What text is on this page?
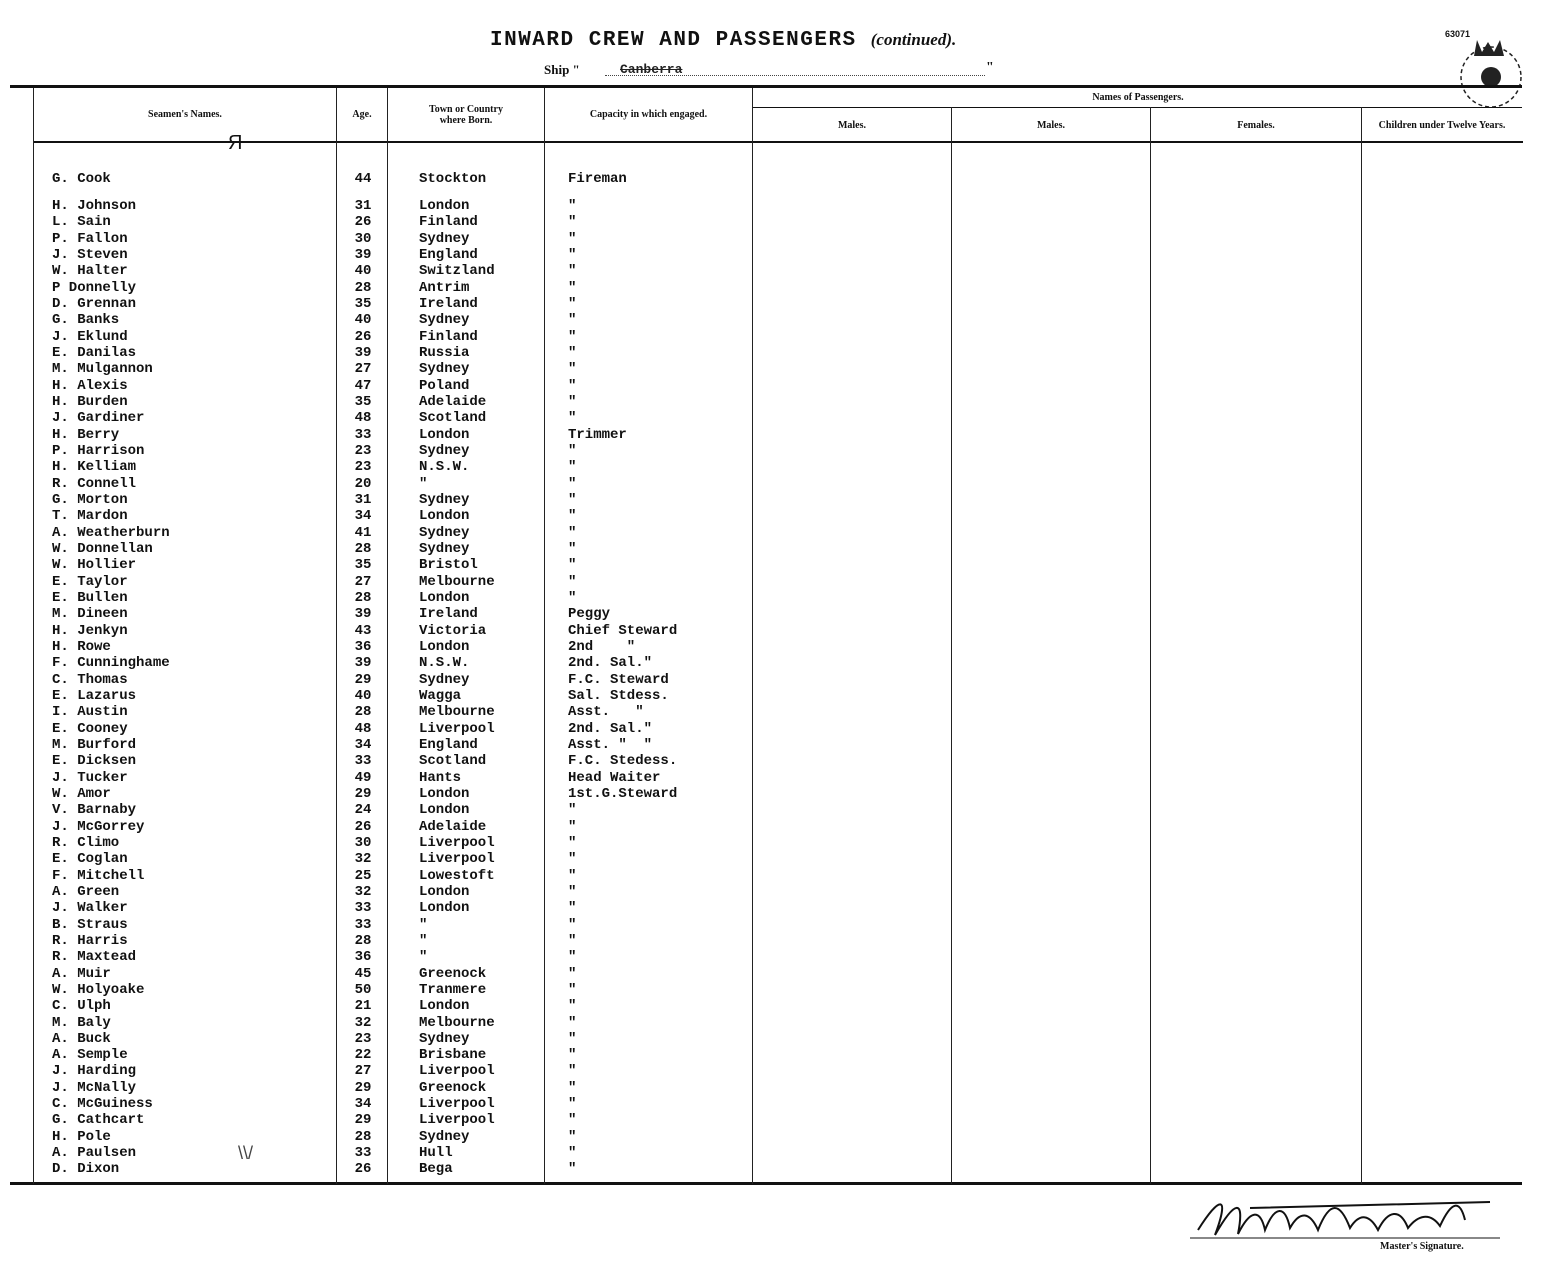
INWARD CREW AND PASSENGERS (continued).
Ship "	Canberra	"
63071
Seamen's Names.	Age.	Town or Country
where Born.
Capacity in which engaged.
Names of Passengers.
Males.	Males.	Females.	Children under Twelve Years.
Я
\\/
G. Cook	44	Stockton	Fireman
H. Johnson	31	London	"
L. Sain	26	Finland	"
P. Fallon	30	Sydney	"
J. Steven	39	England	"
W. Halter	40	Switzland	"
P Donnelly	28	Antrim	"
D. Grennan	35	Ireland	"
G. Banks	40	Sydney	"
J. Eklund	26	Finland	"
E. Danilas	39	Russia	"
M. Mulgannon	27	Sydney	"
H. Alexis	47	Poland	"
H. Burden	35	Adelaide	"
J. Gardiner	48	Scotland	"
H. Berry	33	London	Trimmer
P. Harrison	23	Sydney	"
H. Kelliam	23	N.S.W.	"
R. Connell	20	"	"
G. Morton	31	Sydney	"
T. Mardon	34	London	"
A. Weatherburn	41	Sydney	"
W. Donnellan	28	Sydney	"
W. Hollier	35	Bristol	"
E. Taylor	27	Melbourne	"
E. Bullen	28	London	"
M. Dineen	39	Ireland	Peggy
H. Jenkyn	43	Victoria	Chief Steward
H. Rowe	36	London	2nd    "
F. Cunninghame	39	N.S.W.	2nd. Sal."
C. Thomas	29	Sydney	F.C. Steward
E. Lazarus	40	Wagga	Sal. Stdess.
I. Austin	28	Melbourne	Asst.   "
E. Cooney	48	Liverpool	2nd. Sal."
M. Burford	34	England	Asst. "  "
E. Dicksen	33	Scotland	F.C. Stedess.
J. Tucker	49	Hants	Head Waiter
W. Amor	29	London	1st.G.Steward
V. Barnaby	24	London	"
J. McGorrey	26	Adelaide	"
R. Climo	30	Liverpool	"
E. Coglan	32	Liverpool	"
F. Mitchell	25	Lowestoft	"
A. Green	32	London	"
J. Walker	33	London	"
B. Straus	33	"	"
R. Harris	28	"	"
R. Maxtead	36	"	"
A. Muir	45	Greenock	"
W. Holyoake	50	Tranmere	"
C. Ulph	21	London	"
M. Baly	32	Melbourne	"
A. Buck	23	Sydney	"
A. Semple	22	Brisbane	"
J. Harding	27	Liverpool	"
J. McNally	29	Greenock	"
C. McGuiness	34	Liverpool	"
G. Cathcart	29	Liverpool	"
H. Pole	28	Sydney	"
A. Paulsen	33	Hull	"
D. Dixon	26	Bega	"
Master's Signature.
